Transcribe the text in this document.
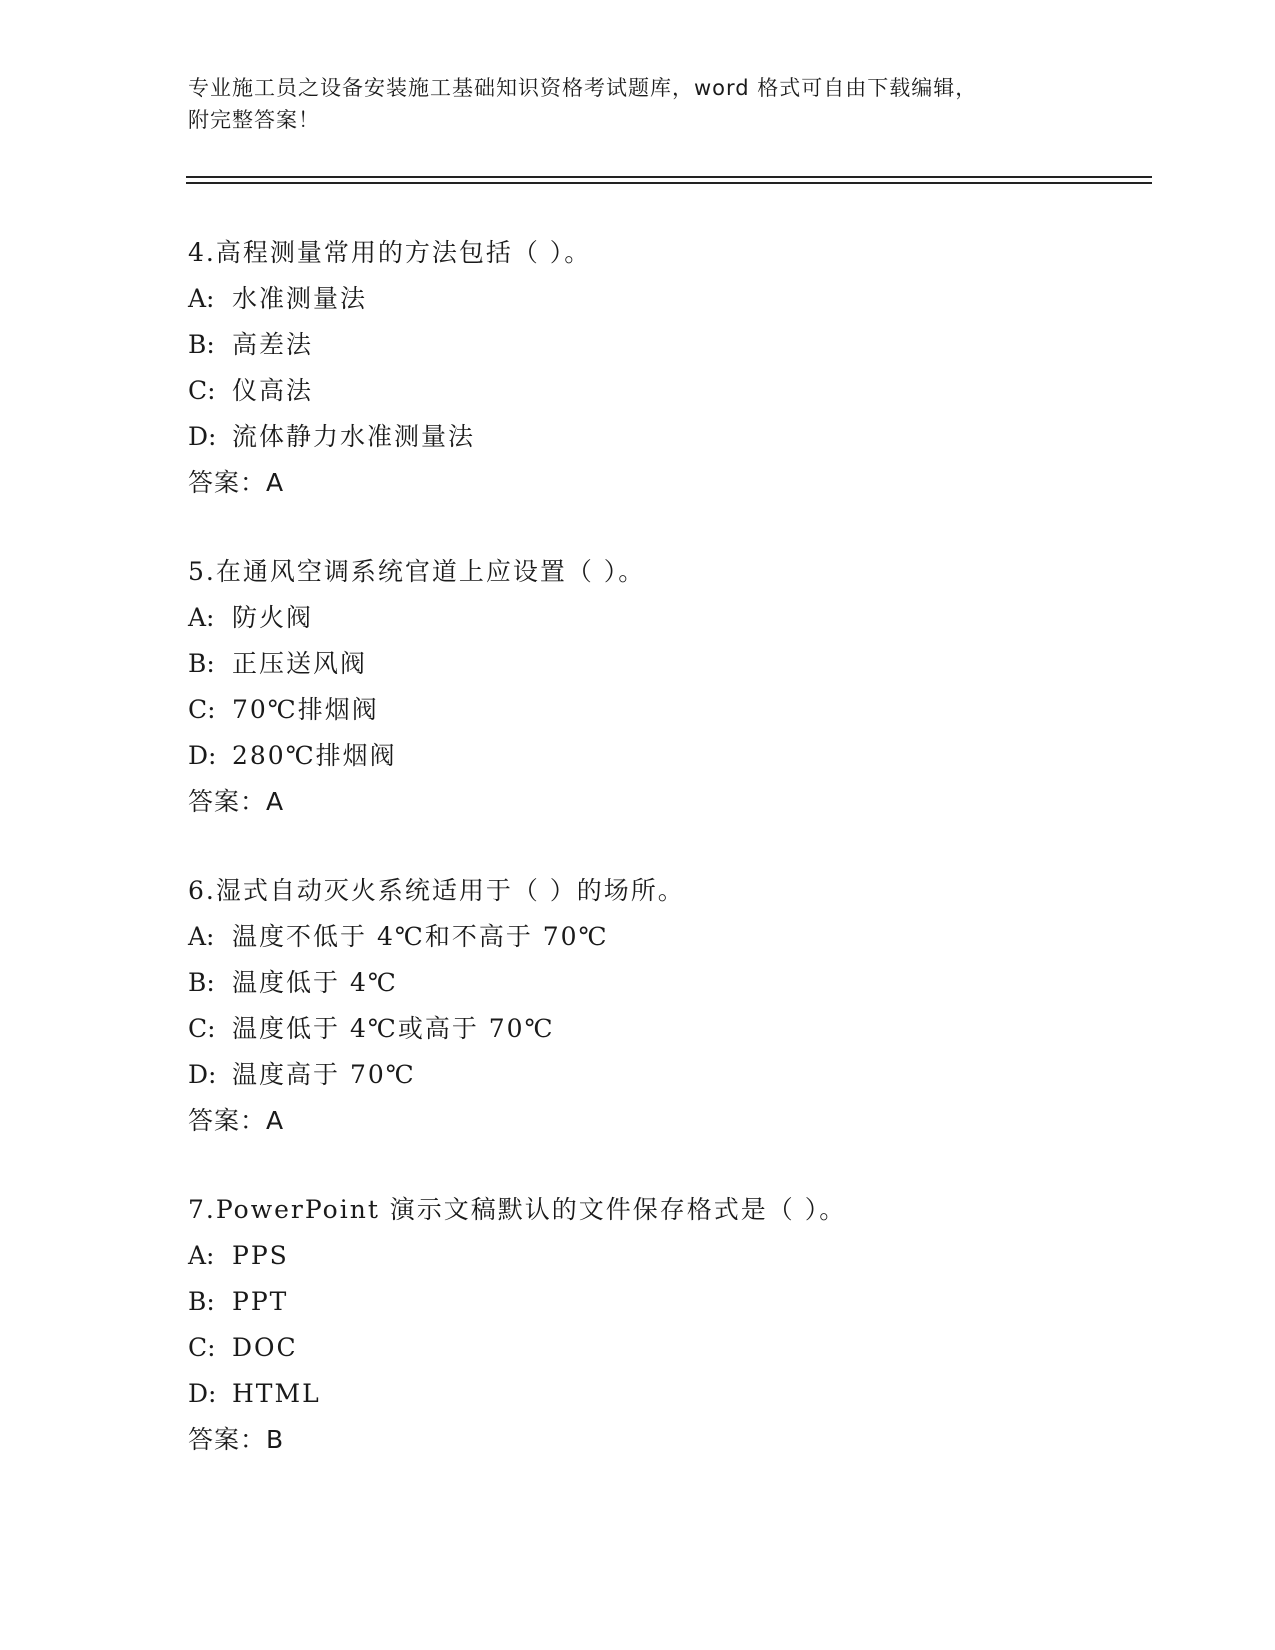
专业施工员之设备安装施工基础知识资格考试题库，word 格式可自由下载编辑，
附完整答案！
4.高程测量常用的方法包括（ ）。
A: 水准测量法
B: 高差法
C: 仪高法
D: 流体静力水准测量法
答案：A
5.在通风空调系统官道上应设置（ ）。
A: 防火阀
B: 正压送风阀
C: 70℃排烟阀
D: 280℃排烟阀
答案：A
6.湿式自动灭火系统适用于（ ）的场所。
A: 温度不低于 4℃和不高于 70℃
B: 温度低于 4℃
C: 温度低于 4℃或高于 70℃
D: 温度高于 70℃
答案：A
7.PowerPoint 演示文稿默认的文件保存格式是（ ）。
A: PPS
B: PPT
C: DOC
D: HTML
答案：B
